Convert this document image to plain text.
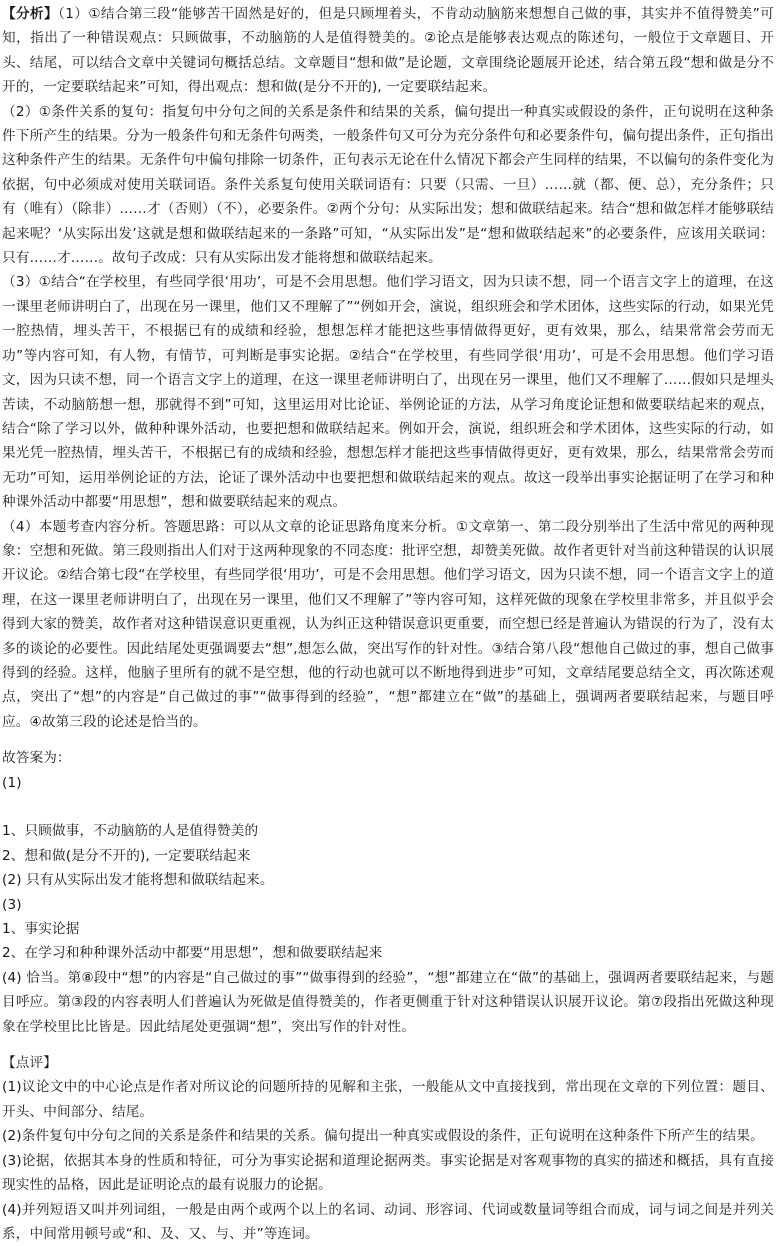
【分析】（1）①结合第三段“能够苦干固然是好的，但是只顾埋着头，不肯动动脑筋来想想自己做的事，其实并不值得赞美”可知，指出了一种错误观点：只顾做事，不动脑筋的人是值得赞美的。②论点是能够表达观点的陈述句，一般位于文章题目、开头、结尾，可以结合文章中关键词句概括总结。文章题目“想和做”是论题，文章围绕论题展开论述，结合第五段“想和做是分不开的，一定要联结起来”可知，得出观点：想和做(是分不开的), 一定要联结起来。

（2）①条件关系的复句：指复句中分句之间的关系是条件和结果的关系，偏句提出一种真实或假设的条件，正句说明在这种条件下所产生的结果。分为一般条件句和无条件句两类，一般条件句又可分为充分条件句和必要条件句，偏句提出条件，正句指出这种条件产生的结果。无条件句中偏句排除一切条件，正句表示无论在什么情况下都会产生同样的结果，不以偏句的条件变化为依据，句中必须成对使用关联词语。条件关系复句使用关联词语有：只要（只需、一旦）……就（都、便、总），充分条件；只有（唯有）（除非）……才（否则）（不），必要条件。②两个分句：从实际出发；想和做联结起来。结合“想和做怎样才能够联结起来呢？‘从实际出发’这就是想和做联结起来的一条路”可知，“从实际出发”是“想和做联结起来”的必要条件，应该用关联词：只有……才……。故句子改成：只有从实际出发才能将想和做联结起来。

（3）①结合“在学校里，有些同学很‘用功’，可是不会用思想。他们学习语文，因为只读不想，同一个语言文字上的道理，在这一课里老师讲明白了，出现在另一课里，他们又不理解了”“例如开会，演说，组织班会和学术团体，这些实际的行动，如果光凭一腔热情，埋头苦干，不根据已有的成绩和经验，想想怎样才能把这些事情做得更好，更有效果，那么，结果常常会劳而无功”等内容可知，有人物，有情节，可判断是事实论据。②结合“在学校里，有些同学很‘用功’，可是不会用思想。他们学习语文，因为只读不想，同一个语言文字上的道理，在这一课里老师讲明白了，出现在另一课里，他们又不理解了……假如只是埋头苦读，不动脑筋想一想，那就得不到”可知，这里运用对比论证、举例论证的方法，从学习角度论证想和做要联结起来的观点，结合“除了学习以外，做种种课外活动，也要把想和做联结起来。例如开会，演说，组织班会和学术团体，这些实际的行动，如果光凭一腔热情，埋头苦干，不根据已有的成绩和经验，想想怎样才能把这些事情做得更好，更有效果，那么，结果常常会劳而无功”可知，运用举例论证的方法，论证了课外活动中也要把想和做联结起来的观点。故这一段举出事实论据证明了在学习和种种课外活动中都要“用思想”，想和做要联结起来的观点。

（4）本题考查内容分析。答题思路：可以从文章的论证思路角度来分析。①文章第一、第二段分别举出了生活中常见的两种现象：空想和死做。第三段则指出人们对于这两种现象的不同态度：批评空想，却赞美死做。故作者更针对当前这种错误的认识展开议论。②结合第七段“在学校里，有些同学很‘用功’，可是不会用思想。他们学习语文，因为只读不想，同一个语言文字上的道理，在这一课里老师讲明白了，出现在另一课里，他们又不理解了”等内容可知，这样死做的现象在学校里非常多，并且似乎会得到大家的赞美，故作者对这种错误意识更重视，认为纠正这种错误意识更重要，而空想已经是普遍认为错误的行为了，没有太多的谈论的必要性。因此结尾处更强调要去“想”,想怎么做，突出写作的针对性。③结合第八段“想他自己做过的事，想自己做事得到的经验。这样，他脑子里所有的就不是空想，他的行动也就可以不断地得到进步”可知，文章结尾要总结全文，再次陈述观点，突出了“想”的内容是“自己做过的事”“做事得到的经验”，“想”都建立在“做”的基础上，强调两者要联结起来，与题目呼应。④故第三段的论述是恰当的。

故答案为：

(1)

1、只顾做事，不动脑筋的人是值得赞美的

2、想和做(是分不开的), 一定要联结起来

(2) 只有从实际出发才能将想和做联结起来。

(3)

1、事实论据

2、在学习和种种课外活动中都要“用思想”，想和做要联结起来

(4) 恰当。第⑧段中“想”的内容是“自己做过的事”“做事得到的经验”，“想”都建立在“做”的基础上，强调两者要联结起来，与题目呼应。第③段的内容表明人们普遍认为死做是值得赞美的，作者更侧重于针对这种错误认识展开议论。第⑦段指出死做这种现象在学校里比比皆是。因此结尾处更强调“想”，突出写作的针对性。

【点评】

(1)议论文中的中心论点是作者对所议论的问题所持的见解和主张，一般能从文中直接找到，常出现在文章的下列位置：题目、开头、中间部分、结尾。

(2)条件复句中分句之间的关系是条件和结果的关系。偏句提出一种真实或假设的条件，正句说明在这种条件下所产生的结果。

(3)论据，依据其本身的性质和特征，可分为事实论据和道理论据两类。事实论据是对客观事物的真实的描述和概括，具有直接现实性的品格，因此是证明论点的最有说服力的论据。

(4)并列短语又叫并列词组，一般是由两个或两个以上的名词、动词、形容词、代词或数量词等组合而成，词与词之间是并列关系，中间常用顿号或“和、及、又、与、并”等连词。
